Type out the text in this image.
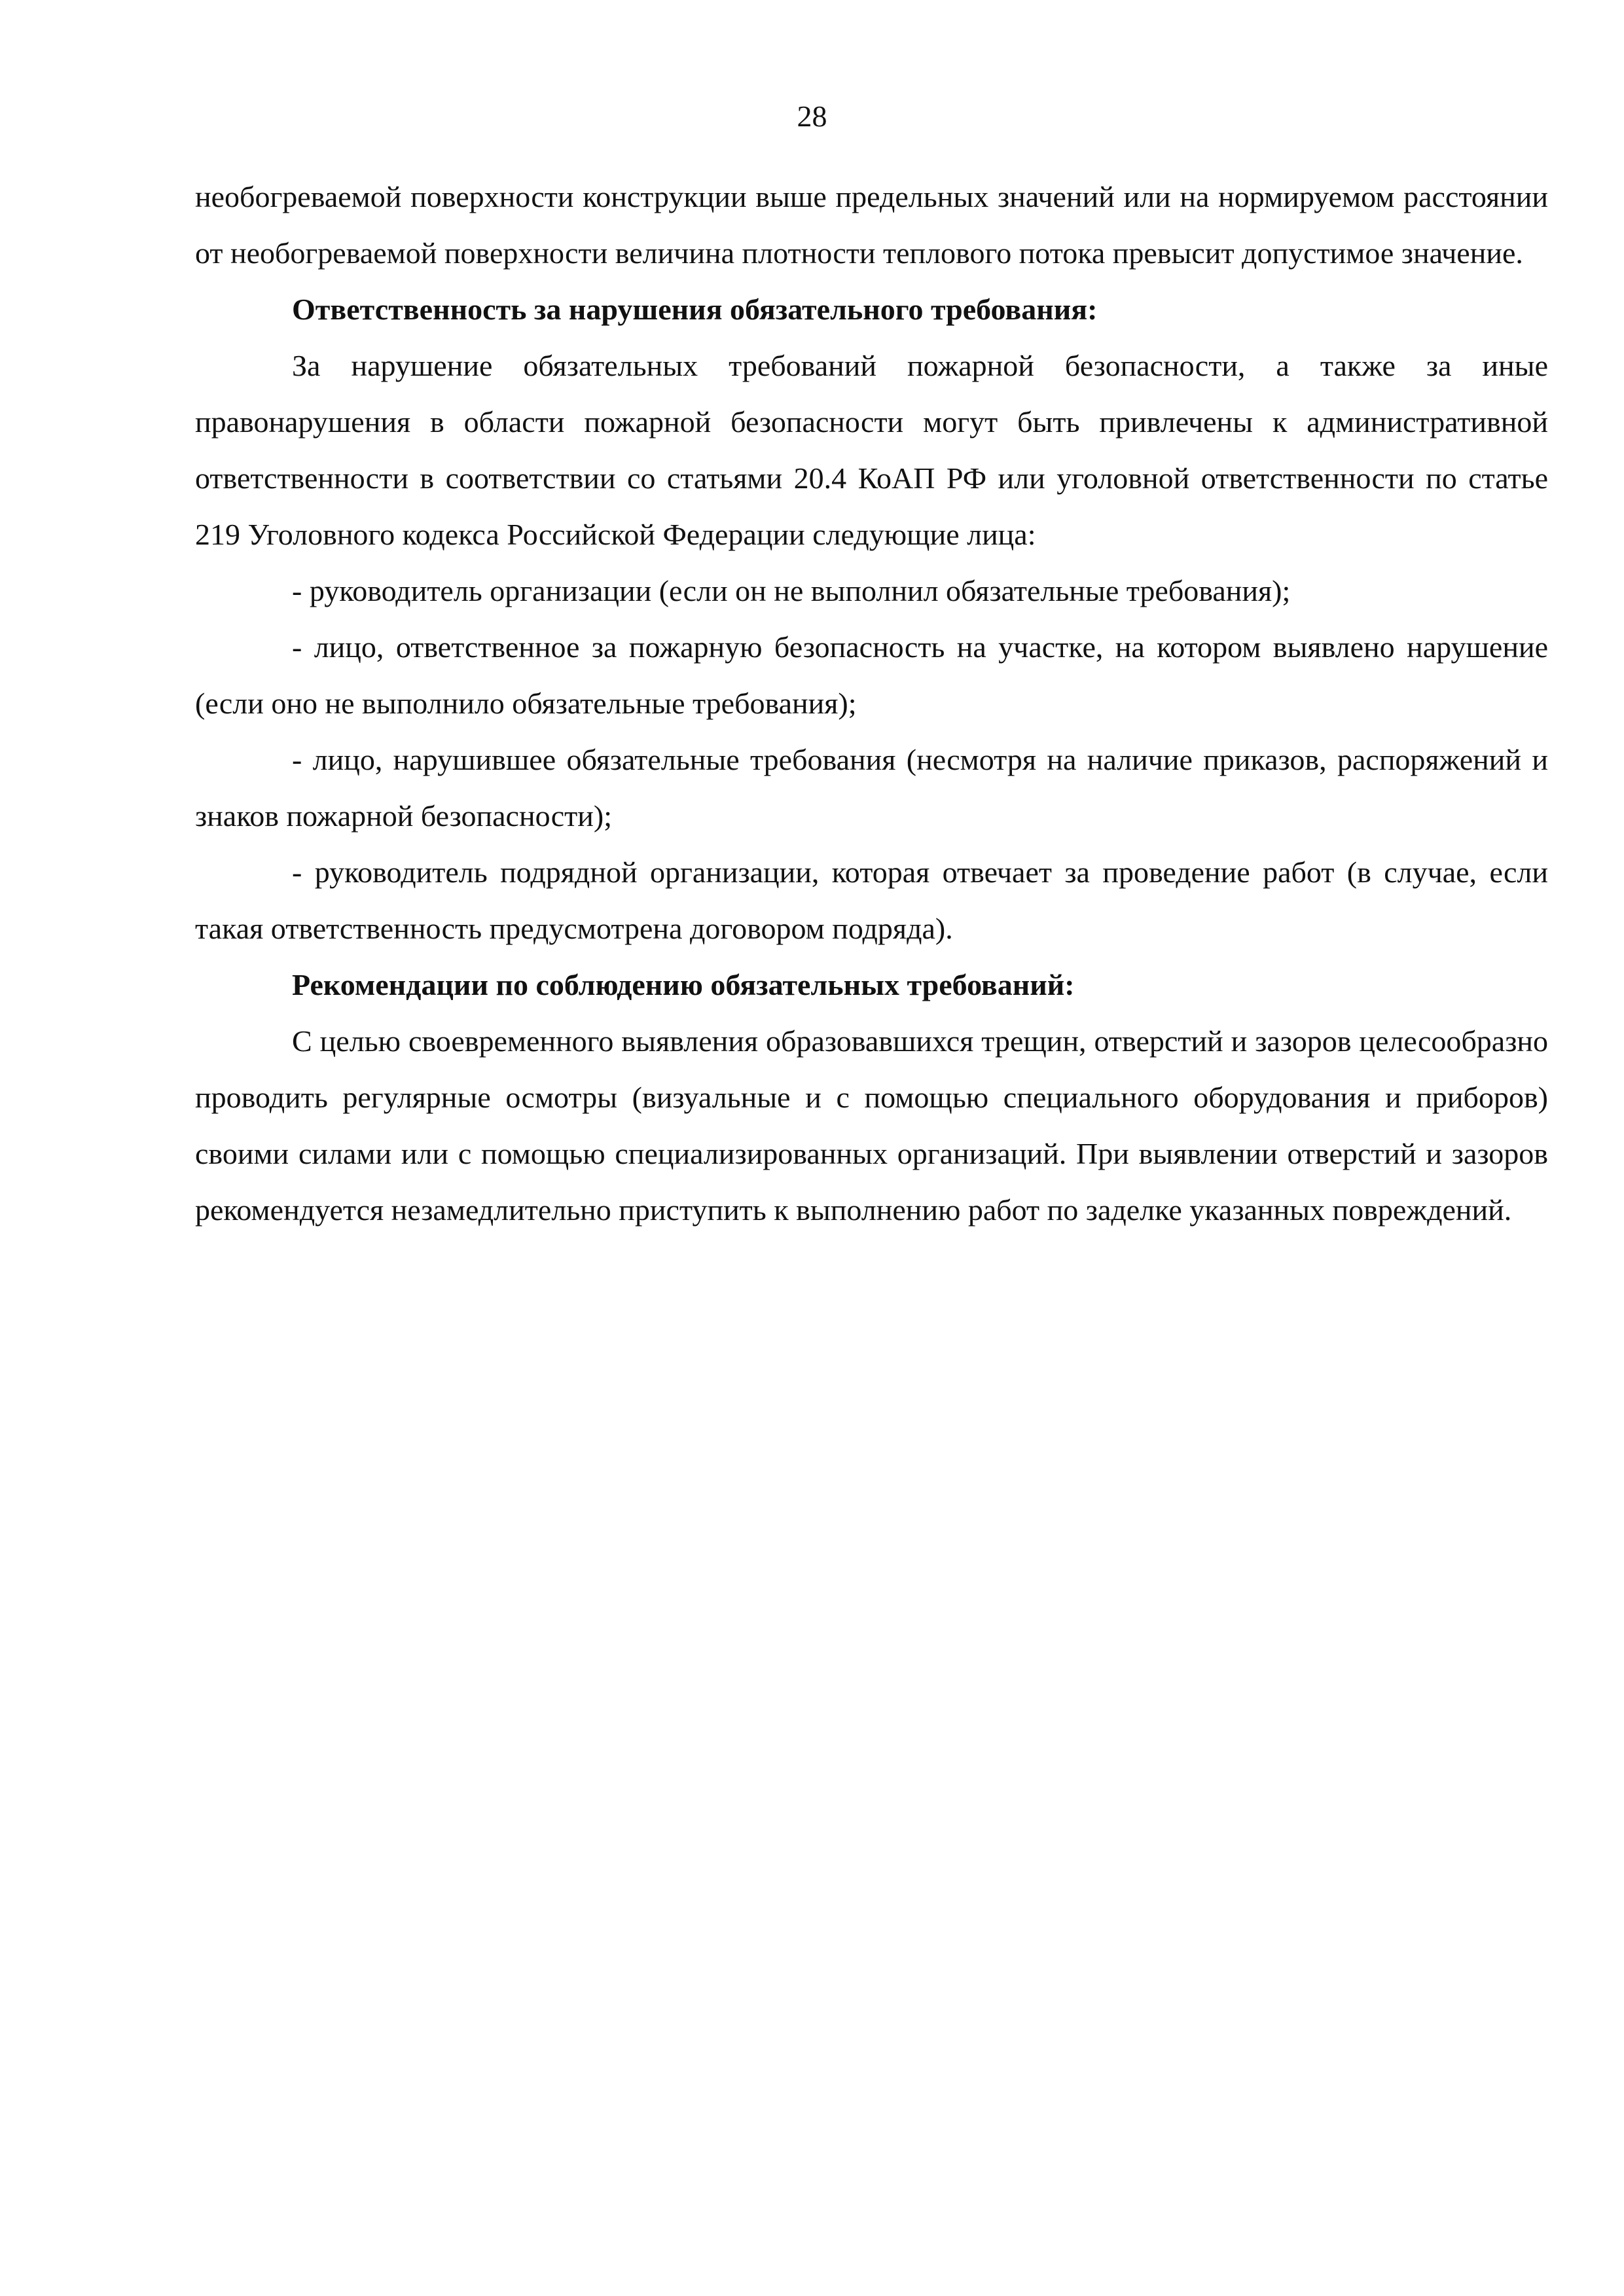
28

необогреваемой поверхности конструкции выше предельных значений или на нормируемом расстоянии от необогреваемой поверхности величина плотности теплового потока превысит допустимое значение.

Ответственность за нарушения обязательного требования:

За нарушение обязательных требований пожарной безопасности, а также за иные правонарушения в области пожарной безопасности могут быть привлечены к административной ответственности в соответствии со статьями 20.4 КоАП РФ или уголовной ответственности по статье 219 Уголовного кодекса Российской Федерации следующие лица:

- руководитель организации (если он не выполнил обязательные требования);

- лицо, ответственное за пожарную безопасность на участке, на котором выявлено нарушение (если оно не выполнило обязательные требования);

- лицо, нарушившее обязательные требования (несмотря на наличие приказов, распоряжений и знаков пожарной безопасности);

- руководитель подрядной организации, которая отвечает за проведение работ (в случае, если такая ответственность предусмотрена договором подряда).

Рекомендации по соблюдению обязательных требований:

С целью своевременного выявления образовавшихся трещин, отверстий и зазоров целесообразно проводить регулярные осмотры (визуальные и с помощью специального оборудования и приборов) своими силами или с помощью специализированных организаций. При выявлении отверстий и зазоров рекомендуется незамедлительно приступить к выполнению работ по заделке указанных повреждений.
